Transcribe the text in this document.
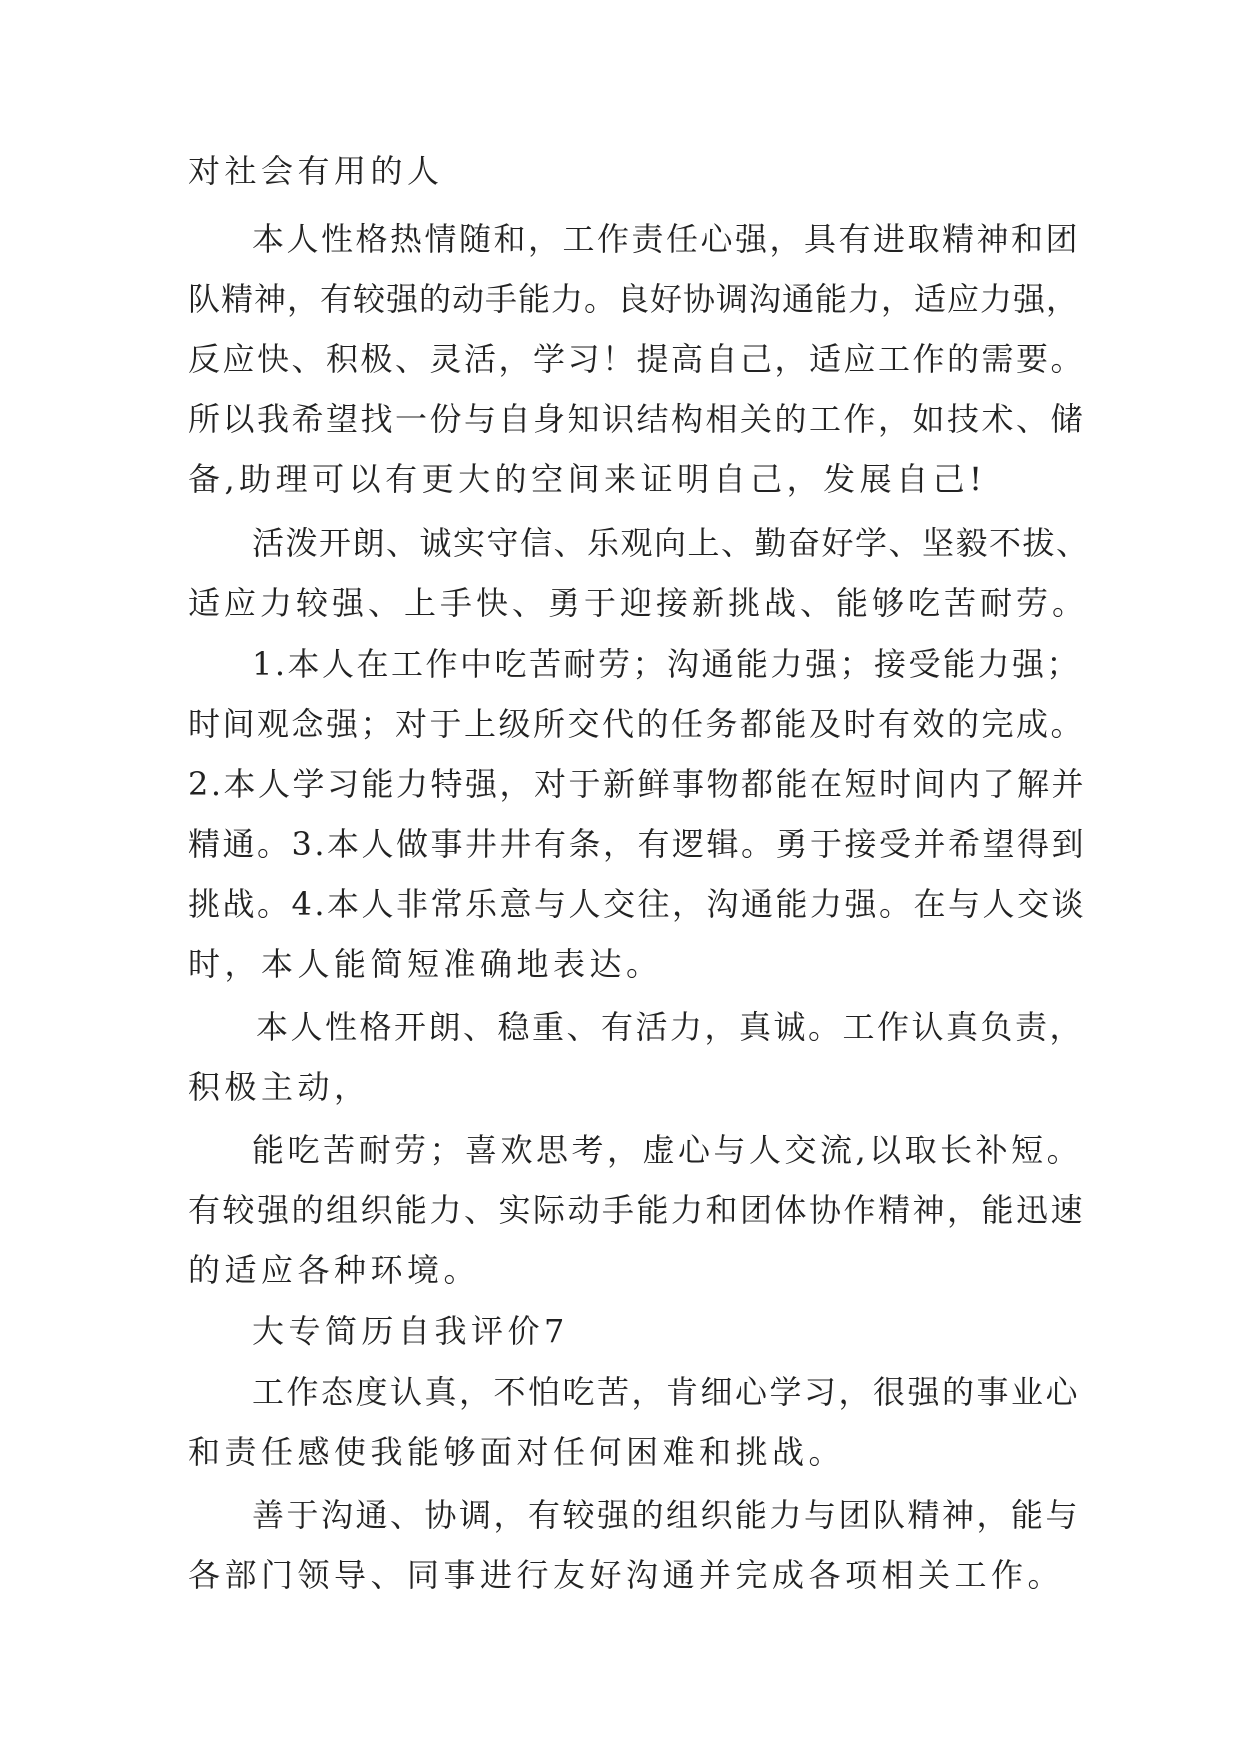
对社会有用的人

本人性格热情随和，工作责任心强，具有进取精神和团

队精神，有较强的动手能力。良好协调沟通能力，适应力强，

反应快、积极、灵活，学习！提高自己，适应工作的需要。

所以我希望找一份与自身知识结构相关的工作，如技术、储

备,助理可以有更大的空间来证明自己，发展自己!

活泼开朗、诚实守信、乐观向上、勤奋好学、坚毅不拔、

适应力较强、上手快、勇于迎接新挑战、能够吃苦耐劳。

1.本人在工作中吃苦耐劳；沟通能力强；接受能力强；

时间观念强；对于上级所交代的任务都能及时有效的完成。

2.本人学习能力特强，对于新鲜事物都能在短时间内了解并

精通。3.本人做事井井有条，有逻辑。勇于接受并希望得到

挑战。4.本人非常乐意与人交往，沟通能力强。在与人交谈

时，本人能简短准确地表达。

本人性格开朗、稳重、有活力，真诚。工作认真负责，

积极主动，

能吃苦耐劳；喜欢思考，虚心与人交流,以取长补短。

有较强的组织能力、实际动手能力和团体协作精神，能迅速

的适应各种环境。

大专简历自我评价7

工作态度认真，不怕吃苦，肯细心学习，很强的事业心

和责任感使我能够面对任何困难和挑战。

善于沟通、协调，有较强的组织能力与团队精神，能与

各部门领导、同事进行友好沟通并完成各项相关工作。
